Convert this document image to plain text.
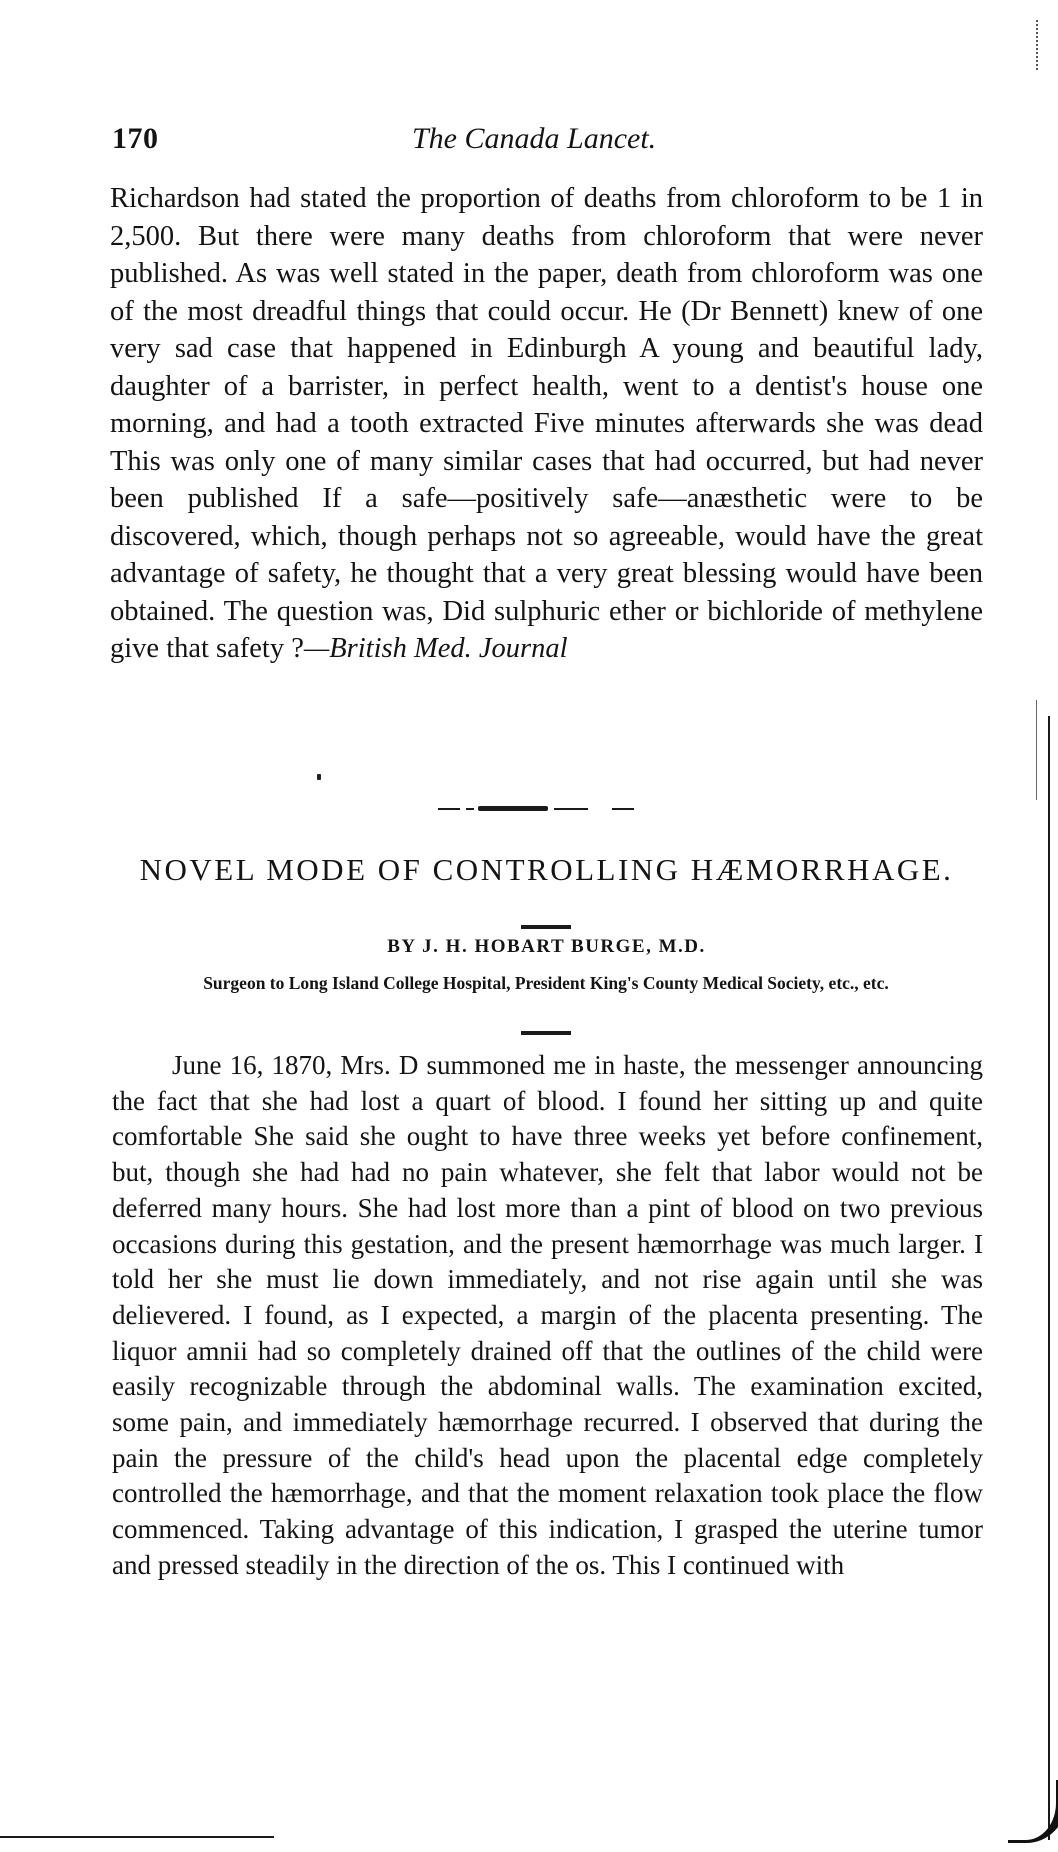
170	The Canada Lancet.

Richardson had stated the proportion of deaths from chloroform to be 1 in 2,500. But there were many deaths from chloroform that were never published. As was well stated in the paper, death from chloroform was one of the most dreadful things that could occur. He (Dr Bennett) knew of one very sad case that happened in Edinburgh A young and beautiful lady, daughter of a barrister, in perfect health, went to a dentist's house one morning, and had a tooth extracted Five minutes afterwards she was dead This was only one of many similar cases that had occurred, but had never been published If a safe—positively safe—anæsthetic were to be discovered, which, though perhaps not so agreeable, would have the great advantage of safety, he thought that a very great blessing would have been obtained. The question was, Did sulphuric ether or bichloride of methylene give that safety ?—British Med. Journal

NOVEL MODE OF CONTROLLING HÆMORRHAGE.
BY J. H. HOBART BURGE, M.D.
Surgeon to Long Island College Hospital, President King's County Medical Society, etc., etc.

June 16, 1870, Mrs. D summoned me in haste, the messenger announcing the fact that she had lost a quart of blood. I found her sitting up and quite comfortable She said she ought to have three weeks yet before confinement, but, though she had had no pain whatever, she felt that labor would not be deferred many hours. She had lost more than a pint of blood on two previous occasions during this gestation, and the present hæmorrhage was much larger. I told her she must lie down immediately, and not rise again until she was delievered. I found, as I expected, a margin of the placenta presenting. The liquor amnii had so completely drained off that the outlines of the child were easily recognizable through the abdominal walls. The examination excited, some pain, and immediately hæmorrhage recurred. I observed that during the pain the pressure of the child's head upon the placental edge completely controlled the hæmorrhage, and that the moment relaxation took place the flow commenced. Taking advantage of this indication, I grasped the uterine tumor and pressed steadily in the direction of the os. This I continued with
